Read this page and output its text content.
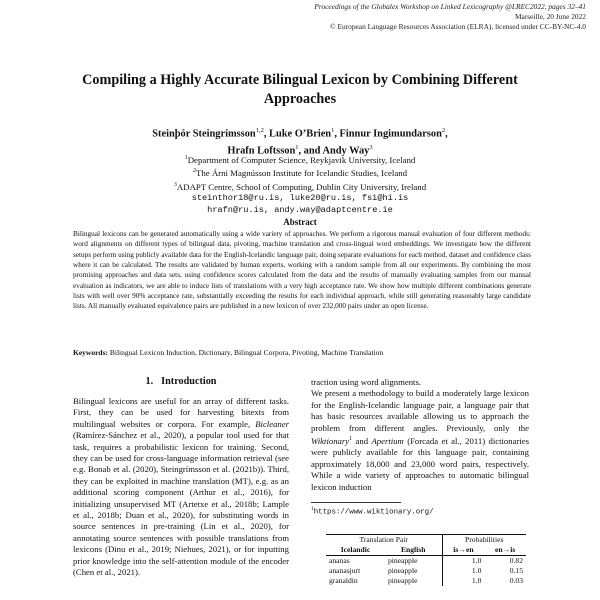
Proceedings of the Globalex Workshop on Linked Lexicography @LREC2022, pages 32–41
Marseille, 20 June 2022
© European Language Resources Association (ELRA), licensed under CC-BY-NC-4.0
Compiling a Highly Accurate Bilingual Lexicon by Combining Different
Approaches
Steinþór Steingrímsson$^{1,2}$, Luke O’Brien$^1$, Finnur Ingimundarson$^2$,
Hrafn Loftsson$^1$, and Andy Way$^3$
$^1$Department of Computer Science, Reykjavik University, Iceland
$^2$The Árni Magnússon Institute for Icelandic Studies, Iceland
$^3$ADAPT Centre, School of Computing, Dublin City University, Ireland
steinthor18@ru.is, luke20@ru.is, fsi@hi.is
hrafn@ru.is, andy.way@adaptcentre.ie
Abstract
Bilingual lexicons can be generated automatically using a wide variety of approaches. We perform a rigorous manual evaluation of four different methods: word alignments on different types of bilingual data, pivoting, machine translation and cross-lingual word embeddings. We investigate how the different setups perform using publicly available data for the English-Icelandic language pair, doing separate evaluations for each method, dataset and confidence class where it can be calculated. The results are validated by human experts, working with a random sample from all our experiments. By combining the most promising approaches and data sets, using confidence scores calculated from the data and the results of manually evaluating samples from our manual evaluation as indicators, we are able to induce lists of translations with a very high acceptance rate. We show how multiple different combinations generate lists with well over 90% acceptance rate, substantially exceeding the results for each individual approach, while still generating reasonably large candidate lists. All manually evaluated equivalence pairs are published in a new lexicon of over 232,000 pairs under an open license.
Keywords: Bilingual Lexicon Induction, Dictionary, Bilingual Corpora, Pivoting, Machine Translation
1. Introduction
Bilingual lexicons are useful for an array of different tasks. First, they can be used for harvesting bitexts from multilingual websites or corpora. For example, Bicleaner (Ramírez-Sánchez et al., 2020), a popular tool used for that task, requires a probabilistic lexicon for training. Second, they can be used for cross-language information retrieval (see e.g. Bonab et al. (2020), Steingrímsson et al. (2021b)). Third, they can be exploited in machine translation (MT), e.g. as an additional scoring component (Arthur et al., 2016), for initializing unsupervised MT (Artetxe et al., 2018b; Lample et al., 2018b; Duan et al., 2020), for substituting words in source sentences in pre-training (Lin et al., 2020), for annotating source sentences with possible translations from lexicons (Dinu et al., 2019; Niehues, 2021), or for inputting prior knowledge into the self-attention module of the encoder (Chen et al., 2021).
traction using word alignments.
We present a methodology to build a moderately large lexicon for the English-Icelandic language pair, a language pair that has basic resources available allowing us to approach the problem from different angles. Previously, only the Wiktionary$^1$ and Apertium (Forcada et al., 2011) dictionaries were publicly available for this language pair, containing approximately 18,000 and 23,000 word pairs, respectively. While a wide variety of approaches to automatic bilingual lexicon induction
$^1$https://www.wiktionary.org/
Translation Pair		Probabilities	
Icelandic	English	is→en	en→is
ananas	pineapple	1.0	0.82
ananasjurt	pineapple	1.0	0.15
granaldin	pineapple	1.0	0.03
